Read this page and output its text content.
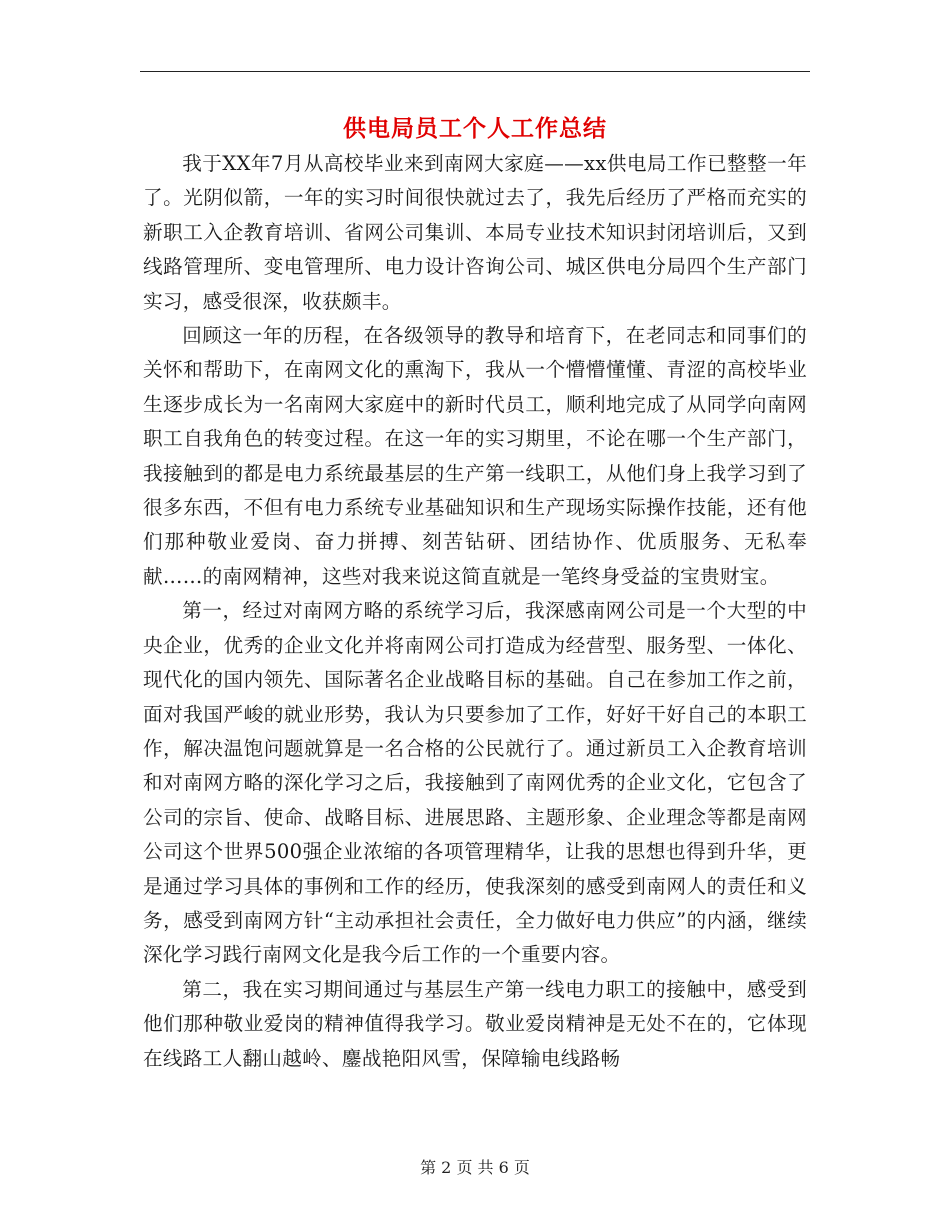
供电局员工个人工作总结

我于XX年7月从高校毕业来到南网大家庭——xx供电局工作已整整一年了。光阴似箭，一年的实习时间很快就过去了，我先后经历了严格而充实的新职工入企教育培训、省网公司集训、本局专业技术知识封闭培训后，又到线路管理所、变电管理所、电力设计咨询公司、城区供电分局四个生产部门实习，感受很深，收获颇丰。

回顾这一年的历程，在各级领导的教导和培育下，在老同志和同事们的关怀和帮助下，在南网文化的熏淘下，我从一个懵懵懂懂、青涩的高校毕业生逐步成长为一名南网大家庭中的新时代员工，顺利地完成了从同学向南网职工自我角色的转变过程。在这一年的实习期里，不论在哪一个生产部门，我接触到的都是电力系统最基层的生产第一线职工，从他们身上我学习到了很多东西，不但有电力系统专业基础知识和生产现场实际操作技能，还有他们那种敬业爱岗、奋力拼搏、刻苦钻研、团结协作、优质服务、无私奉献……的南网精神，这些对我来说这简直就是一笔终身受益的宝贵财宝。

第一，经过对南网方略的系统学习后，我深感南网公司是一个大型的中央企业，优秀的企业文化并将南网公司打造成为经营型、服务型、一体化、现代化的国内领先、国际著名企业战略目标的基础。自己在参加工作之前，面对我国严峻的就业形势，我认为只要参加了工作，好好干好自己的本职工作，解决温饱问题就算是一名合格的公民就行了。通过新员工入企教育培训和对南网方略的深化学习之后，我接触到了南网优秀的企业文化，它包含了公司的宗旨、使命、战略目标、进展思路、主题形象、企业理念等都是南网公司这个世界500强企业浓缩的各项管理精华，让我的思想也得到升华，更是通过学习具体的事例和工作的经历，使我深刻的感受到南网人的责任和义务，感受到南网方针“主动承担社会责任，全力做好电力供应”的内涵，继续深化学习践行南网文化是我今后工作的一个重要内容。

第二，我在实习期间通过与基层生产第一线电力职工的接触中，感受到他们那种敬业爱岗的精神值得我学习。敬业爱岗精神是无处不在的，它体现在线路工人翻山越岭、鏖战艳阳风雪，保障输电线路畅

第 2 页 共 6 页
